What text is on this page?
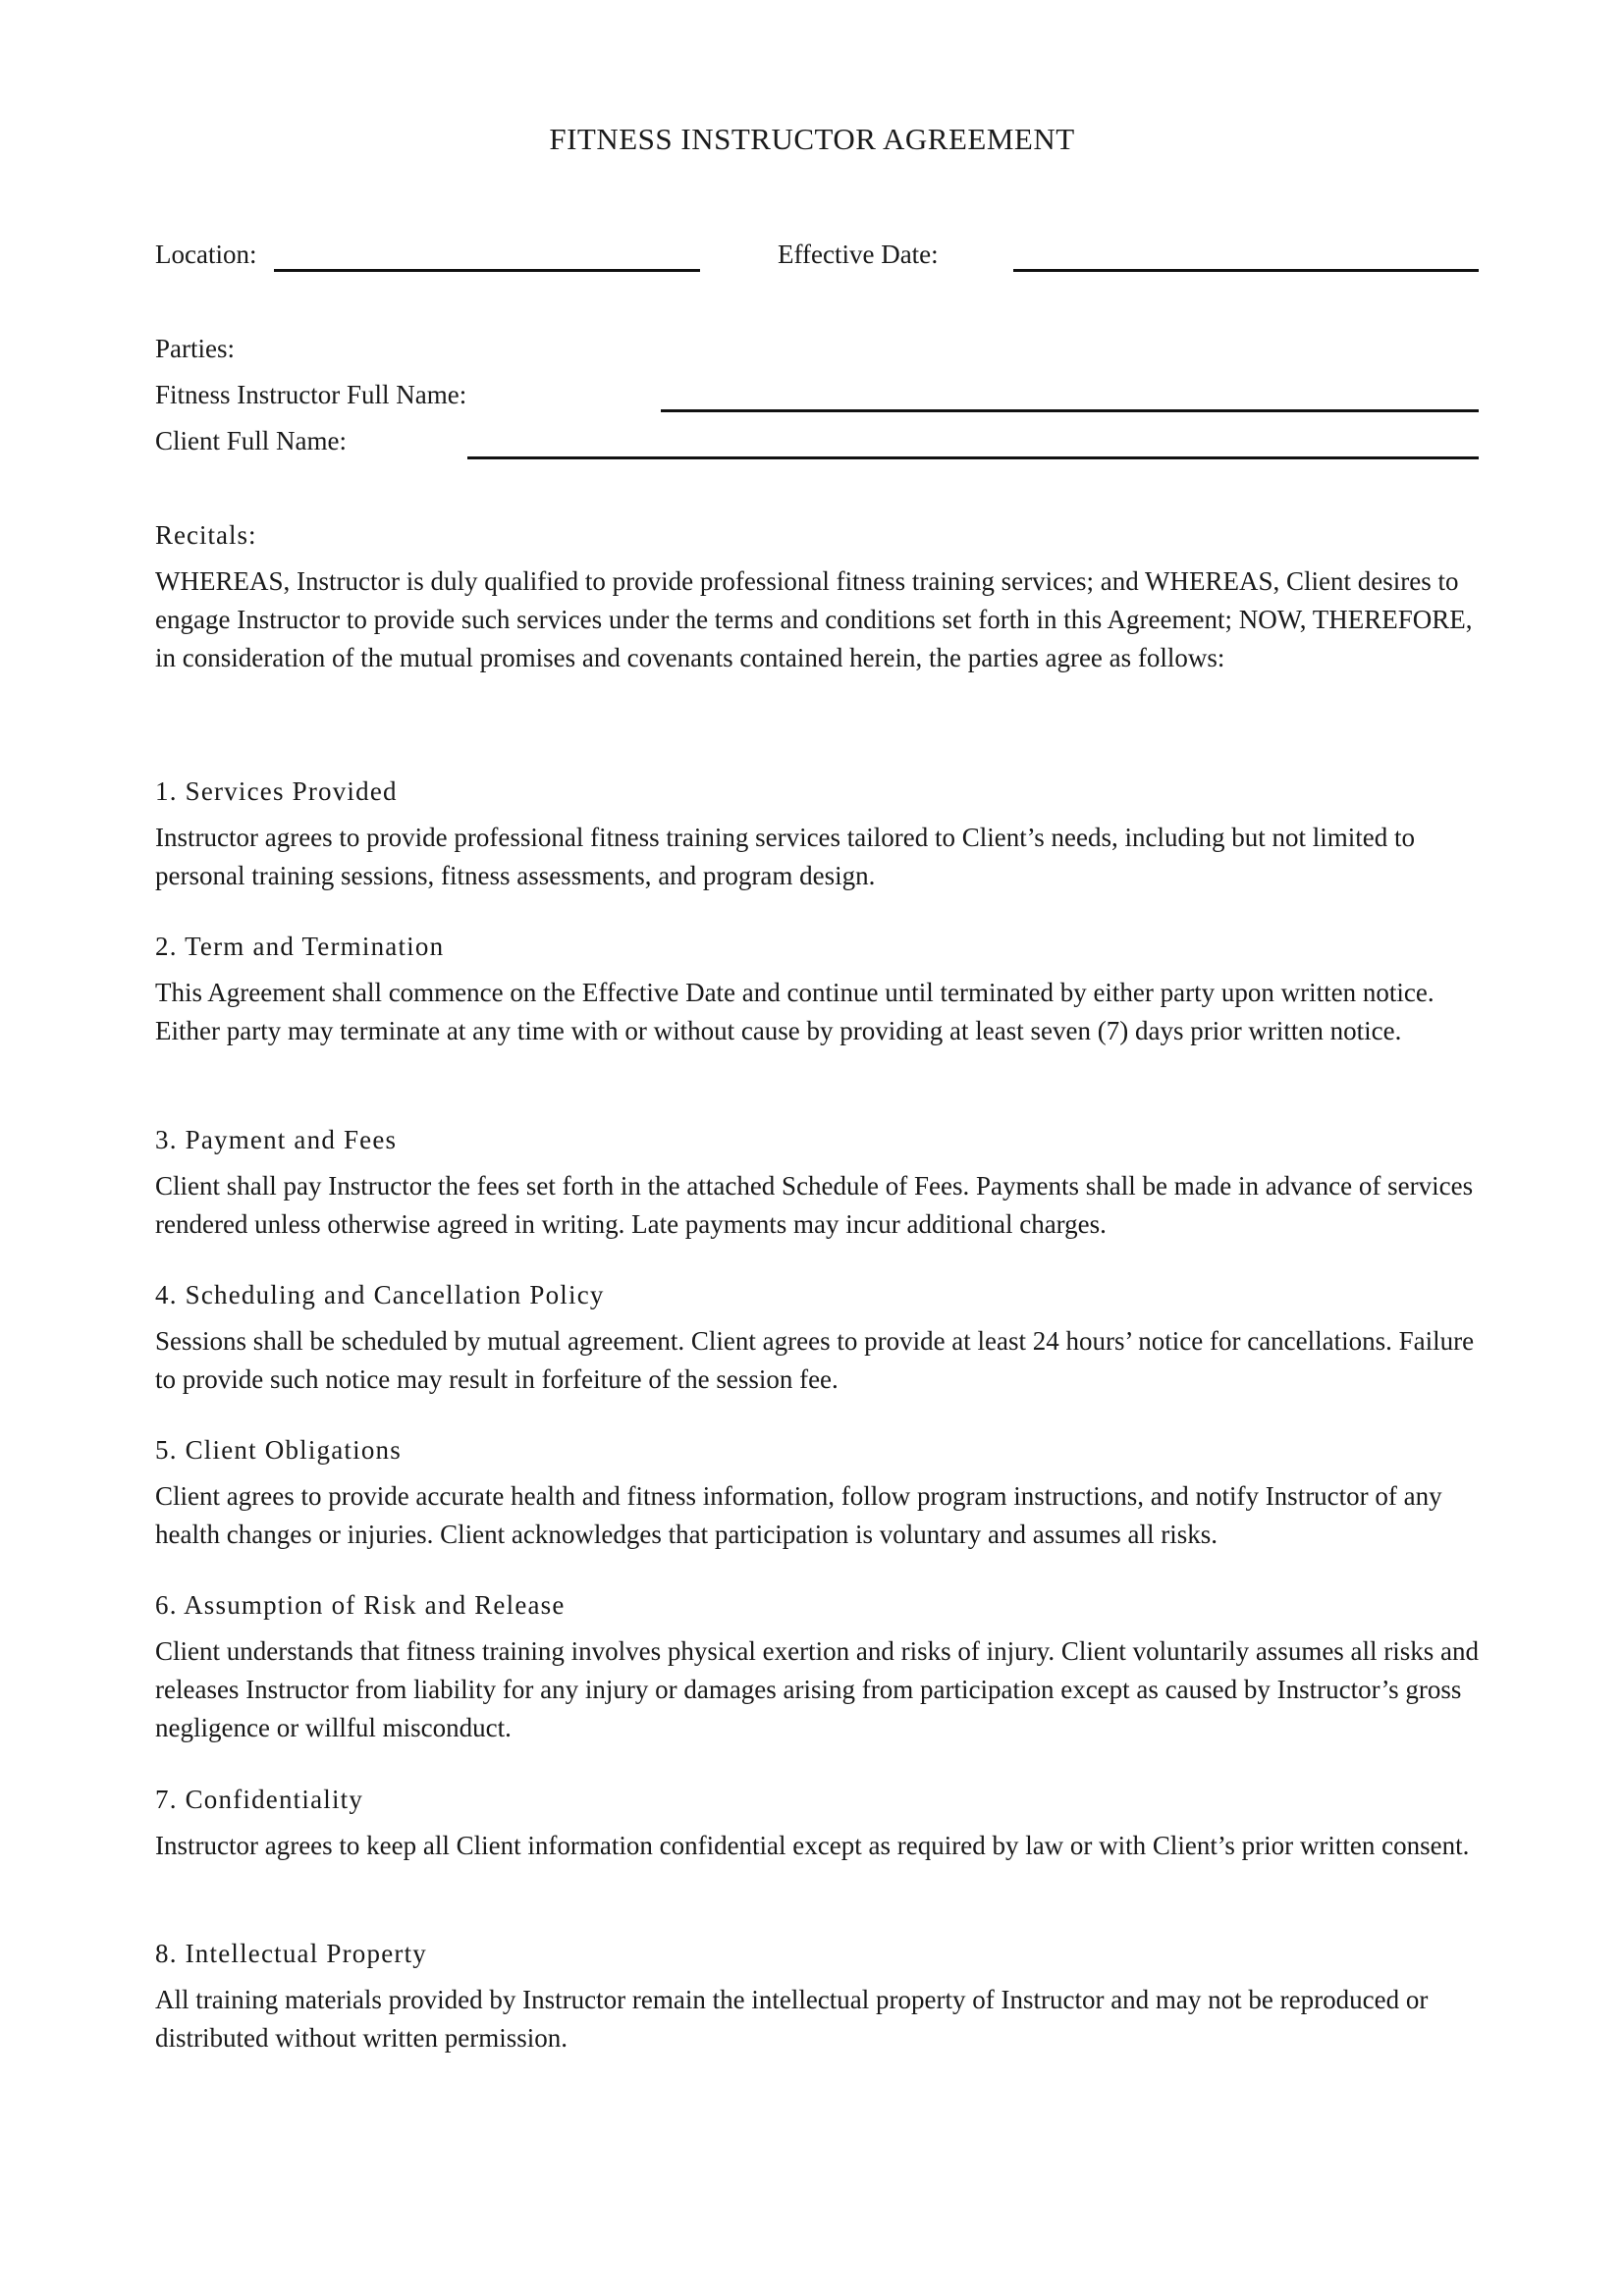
FITNESS INSTRUCTOR AGREEMENT
Location:	Effective Date:
Parties:
Fitness Instructor Full Name:
Client Full Name:
Recitals:
WHEREAS, Instructor is duly qualified to provide professional fitness training services; and WHEREAS, Client desires to engage Instructor to provide such services under the terms and conditions set forth in this Agreement; NOW, THEREFORE, in consideration of the mutual promises and covenants contained herein, the parties agree as follows:
1. Services Provided
Instructor agrees to provide professional fitness training services tailored to Client’s needs, including but not limited to personal training sessions, fitness assessments, and program design.
2. Term and Termination
This Agreement shall commence on the Effective Date and continue until terminated by either party upon written notice. Either party may terminate at any time with or without cause by providing at least seven (7) days prior written notice.
3. Payment and Fees
Client shall pay Instructor the fees set forth in the attached Schedule of Fees. Payments shall be made in advance of services rendered unless otherwise agreed in writing. Late payments may incur additional charges.
4. Scheduling and Cancellation Policy
Sessions shall be scheduled by mutual agreement. Client agrees to provide at least 24 hours’ notice for cancellations. Failure to provide such notice may result in forfeiture of the session fee.
5. Client Obligations
Client agrees to provide accurate health and fitness information, follow program instructions, and notify Instructor of any health changes or injuries. Client acknowledges that participation is voluntary and assumes all risks.
6. Assumption of Risk and Release
Client understands that fitness training involves physical exertion and risks of injury. Client voluntarily assumes all risks and releases Instructor from liability for any injury or damages arising from participation except as caused by Instructor’s gross negligence or willful misconduct.
7. Confidentiality
Instructor agrees to keep all Client information confidential except as required by law or with Client’s prior written consent.
8. Intellectual Property
All training materials provided by Instructor remain the intellectual property of Instructor and may not be reproduced or distributed without written permission.
